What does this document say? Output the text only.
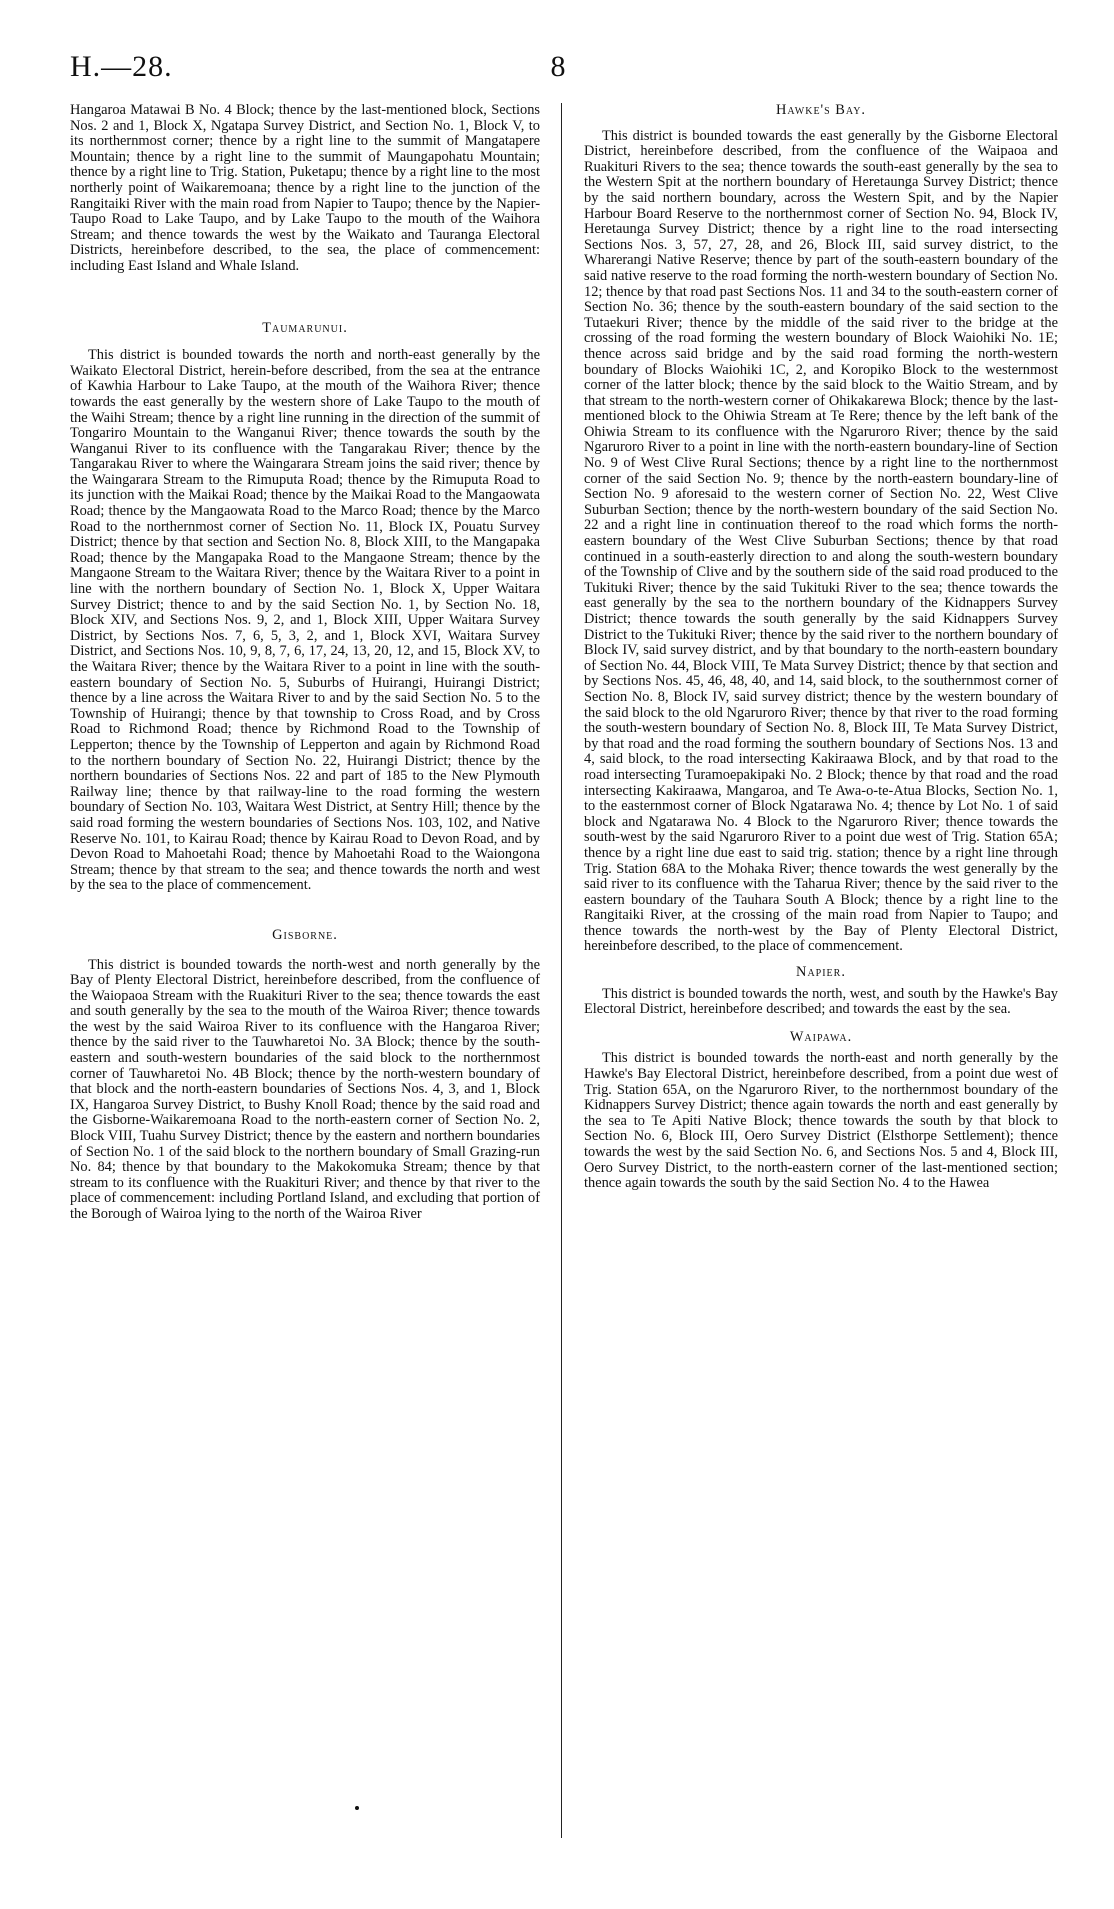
H.—28.	8

Hangaroa Matawai B No. 4 Block; thence by the last-mentioned block, Sections Nos. 2 and 1, Block X, Ngatapa Survey District, and Section No. 1, Block V, to its northernmost corner; thence by a right line to the summit of Mangatapere Mountain; thence by a right line to the summit of Maungapohatu Mountain; thence by a right line to Trig. Station, Puketapu; thence by a right line to the most northerly point of Waikaremoana; thence by a right line to the junction of the Rangitaiki River with the main road from Napier to Taupo; thence by the Napier-Taupo Road to Lake Taupo, and by Lake Taupo to the mouth of the Waihora Stream; and thence towards the west by the Waikato and Tauranga Electoral Districts, hereinbefore described, to the sea, the place of commencement: including East Island and Whale Island.

Taumarunui.

This district is bounded towards the north and north-east generally by the Waikato Electoral District, herein-before described, from the sea at the entrance of Kawhia Harbour to Lake Taupo, at the mouth of the Waihora River; thence towards the east generally by the western shore of Lake Taupo to the mouth of the Waihi Stream; thence by a right line running in the direction of the summit of Tongariro Mountain to the Wanganui River; thence towards the south by the Wanganui River to its confluence with the Tangarakau River; thence by the Tangarakau River to where the Waingarara Stream joins the said river; thence by the Waingarara Stream to the Rimuputa Road; thence by the Rimuputa Road to its junction with the Maikai Road; thence by the Maikai Road to the Mangaowata Road; thence by the Mangaowata Road to the Marco Road; thence by the Marco Road to the northernmost corner of Section No. 11, Block IX, Pouatu Survey District; thence by that section and Section No. 8, Block XIII, to the Mangapaka Road; thence by the Mangapaka Road to the Mangaone Stream; thence by the Mangaone Stream to the Waitara River; thence by the Waitara River to a point in line with the northern boundary of Section No. 1, Block X, Upper Waitara Survey District; thence to and by the said Section No. 1, by Section No. 18, Block XIV, and Sections Nos. 9, 2, and 1, Block XIII, Upper Waitara Survey District, by Sections Nos. 7, 6, 5, 3, 2, and 1, Block XVI, Waitara Survey District, and Sections Nos. 10, 9, 8, 7, 6, 17, 24, 13, 20, 12, and 15, Block XV, to the Waitara River; thence by the Waitara River to a point in line with the south-eastern boundary of Section No. 5, Suburbs of Huirangi, Huirangi District; thence by a line across the Waitara River to and by the said Section No. 5 to the Township of Huirangi; thence by that township to Cross Road, and by Cross Road to Richmond Road; thence by Richmond Road to the Township of Lepperton; thence by the Township of Lepperton and again by Richmond Road to the northern boundary of Section No. 22, Huirangi District; thence by the northern boundaries of Sections Nos. 22 and part of 185 to the New Plymouth Railway line; thence by that railway-line to the road forming the western boundary of Section No. 103, Waitara West District, at Sentry Hill; thence by the said road forming the western boundaries of Sections Nos. 103, 102, and Native Reserve No. 101, to Kairau Road; thence by Kairau Road to Devon Road, and by Devon Road to Mahoetahi Road; thence by Mahoetahi Road to the Waiongona Stream; thence by that stream to the sea; and thence towards the north and west by the sea to the place of commencement.

Gisborne.

This district is bounded towards the north-west and north generally by the Bay of Plenty Electoral District, hereinbefore described, from the confluence of the Waiopaoa Stream with the Ruakituri River to the sea; thence towards the east and south generally by the sea to the mouth of the Wairoa River; thence towards the west by the said Wairoa River to its confluence with the Hangaroa River; thence by the said river to the Tauwharetoi No. 3A Block; thence by the south-eastern and south-western boundaries of the said block to the northernmost corner of Tauwharetoi No. 4B Block; thence by the north-western boundary of that block and the north-eastern boundaries of Sections Nos. 4, 3, and 1, Block IX, Hangaroa Survey District, to Bushy Knoll Road; thence by the said road and the Gisborne-Waikaremoana Road to the north-eastern corner of Section No. 2, Block VIII, Tuahu Survey District; thence by the eastern and northern boundaries of Section No. 1 of the said block to the northern boundary of Small Grazing-run No. 84; thence by that boundary to the Makokomuka Stream; thence by that stream to its confluence with the Ruakituri River; and thence by that river to the place of commencement: including Portland Island, and excluding that portion of the Borough of Wairoa lying to the north of the Wairoa River

Hawke's Bay.

This district is bounded towards the east generally by the Gisborne Electoral District, hereinbefore described, from the confluence of the Waipaoa and Ruakituri Rivers to the sea; thence towards the south-east generally by the sea to the Western Spit at the northern boundary of Heretaunga Survey District; thence by the said northern boundary, across the Western Spit, and by the Napier Harbour Board Reserve to the northernmost corner of Section No. 94, Block IV, Heretaunga Survey District; thence by a right line to the road intersecting Sections Nos. 3, 57, 27, 28, and 26, Block III, said survey district, to the Wharerangi Native Reserve; thence by part of the south-eastern boundary of the said native reserve to the road forming the north-western boundary of Section No. 12; thence by that road past Sections Nos. 11 and 34 to the south-eastern corner of Section No. 36; thence by the south-eastern boundary of the said section to the Tutaekuri River; thence by the middle of the said river to the bridge at the crossing of the road forming the western boundary of Block Waiohiki No. 1E; thence across said bridge and by the said road forming the north-western boundary of Blocks Waiohiki 1C, 2, and Koropiko Block to the westernmost corner of the latter block; thence by the said block to the Waitio Stream, and by that stream to the north-western corner of Ohikakarewa Block; thence by the last-mentioned block to the Ohiwia Stream at Te Rere; thence by the left bank of the Ohiwia Stream to its confluence with the Ngaruroro River; thence by the said Ngaruroro River to a point in line with the north-eastern boundary-line of Section No. 9 of West Clive Rural Sections; thence by a right line to the northernmost corner of the said Section No. 9; thence by the north-eastern boundary-line of Section No. 9 aforesaid to the western corner of Section No. 22, West Clive Suburban Section; thence by the north-western boundary of the said Section No. 22 and a right line in continuation thereof to the road which forms the north-eastern boundary of the West Clive Suburban Sections; thence by that road continued in a south-easterly direction to and along the south-western boundary of the Township of Clive and by the southern side of the said road produced to the Tukituki River; thence by the said Tukituki River to the sea; thence towards the east generally by the sea to the northern boundary of the Kidnappers Survey District; thence towards the south generally by the said Kidnappers Survey District to the Tukituki River; thence by the said river to the northern boundary of Block IV, said survey district, and by that boundary to the north-eastern boundary of Section No. 44, Block VIII, Te Mata Survey District; thence by that section and by Sections Nos. 45, 46, 48, 40, and 14, said block, to the southernmost corner of Section No. 8, Block IV, said survey district; thence by the western boundary of the said block to the old Ngaruroro River; thence by that river to the road forming the south-western boundary of Section No. 8, Block III, Te Mata Survey District, by that road and the road forming the southern boundary of Sections Nos. 13 and 4, said block, to the road intersecting Kakiraawa Block, and by that road to the road intersecting Turamoepakipaki No. 2 Block; thence by that road and the road intersecting Kakiraawa, Mangaroa, and Te Awa-o-te-Atua Blocks, Section No. 1, to the easternmost corner of Block Ngatarawa No. 4; thence by Lot No. 1 of said block and Ngatarawa No. 4 Block to the Ngaruroro River; thence towards the south-west by the said Ngaruroro River to a point due west of Trig. Station 65A; thence by a right line due east to said trig. station; thence by a right line through Trig. Station 68A to the Mohaka River; thence towards the west generally by the said river to its confluence with the Taharua River; thence by the said river to the eastern boundary of the Tauhara South A Block; thence by a right line to the Rangitaiki River, at the crossing of the main road from Napier to Taupo; and thence towards the north-west by the Bay of Plenty Electoral District, hereinbefore described, to the place of commencement.

Napier.

This district is bounded towards the north, west, and south by the Hawke's Bay Electoral District, hereinbefore described; and towards the east by the sea.

Waipawa.

This district is bounded towards the north-east and north generally by the Hawke's Bay Electoral District, hereinbefore described, from a point due west of Trig. Station 65A, on the Ngaruroro River, to the northernmost boundary of the Kidnappers Survey District; thence again towards the north and east generally by the sea to Te Apiti Native Block; thence towards the south by that block to Section No. 6, Block III, Oero Survey District (Elsthorpe Settlement); thence towards the west by the said Section No. 6, and Sections Nos. 5 and 4, Block III, Oero Survey District, to the north-eastern corner of the last-mentioned section; thence again towards the south by the said Section No. 4 to the Hawea
